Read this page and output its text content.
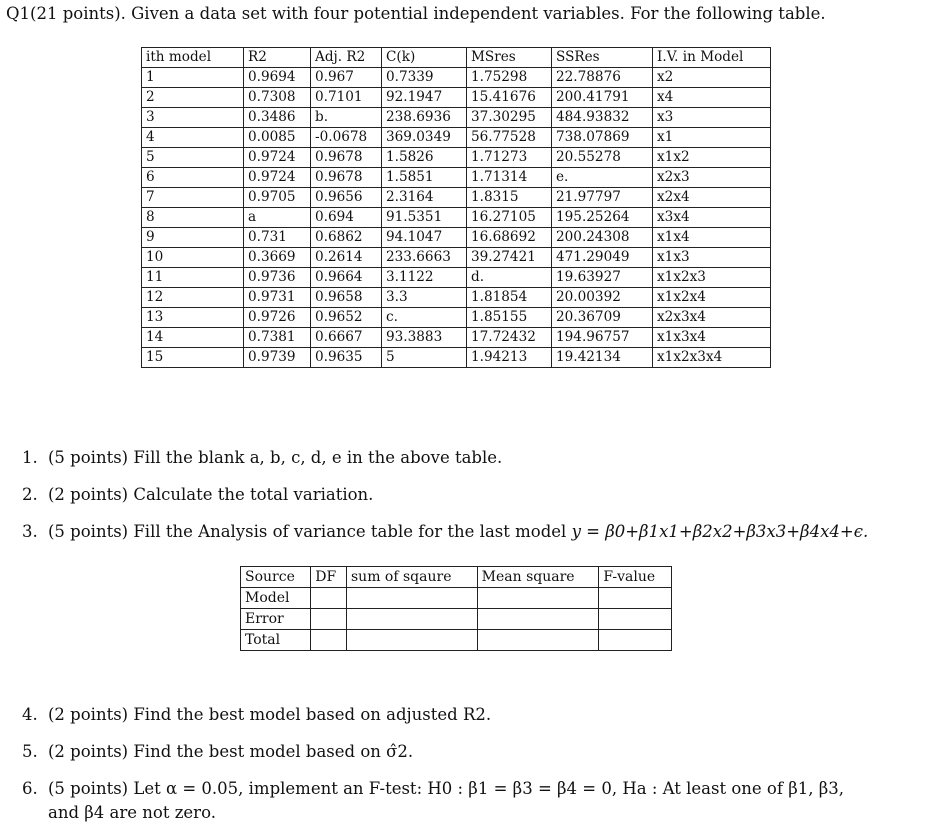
Q1(21 points). Given a data set with four potential independent variables. For the following table.
ith model	R2	Adj. R2	C(k)	MSres	SSRes	I.V. in Model
1	0.9694	0.967	0.7339	1.75298	22.78876	x2
2	0.7308	0.7101	92.1947	15.41676	200.41791	x4
3	0.3486	b.	238.6936	37.30295	484.93832	x3
4	0.0085	-0.0678	369.0349	56.77528	738.07869	x1
5	0.9724	0.9678	1.5826	1.71273	20.55278	x1x2
6	0.9724	0.9678	1.5851	1.71314	e.	x2x3
7	0.9705	0.9656	2.3164	1.8315	21.97797	x2x4
8	a	0.694	91.5351	16.27105	195.25264	x3x4
9	0.731	0.6862	94.1047	16.68692	200.24308	x1x4
10	0.3669	0.2614	233.6663	39.27421	471.29049	x1x3
11	0.9736	0.9664	3.1122	d.	19.63927	x1x2x3
12	0.9731	0.9658	3.3	1.81854	20.00392	x1x2x4
13	0.9726	0.9652	c.	1.85155	20.36709	x2x3x4
14	0.7381	0.6667	93.3883	17.72432	194.96757	x1x3x4
15	0.9739	0.9635	5	1.94213	19.42134	x1x2x3x4
1. (5 points) Fill the blank a, b, c, d, e in the above table.
2. (2 points) Calculate the total variation.
3. (5 points) Fill the Analysis of variance table for the last model y = β0+β1x1+β2x2+β3x3+β4x4+ϵ.
Source	DF	sum of sqaure	Mean square	F-value
Model				
Error				
Total				
4. (2 points) Find the best model based on adjusted R2.
5. (2 points) Find the best model based on σ̂2.
6. (5 points) Let α = 0.05, implement an F-test: H0 : β1 = β3 = β4 = 0, Ha : At least one of β1, β3,
and β4 are not zero.
